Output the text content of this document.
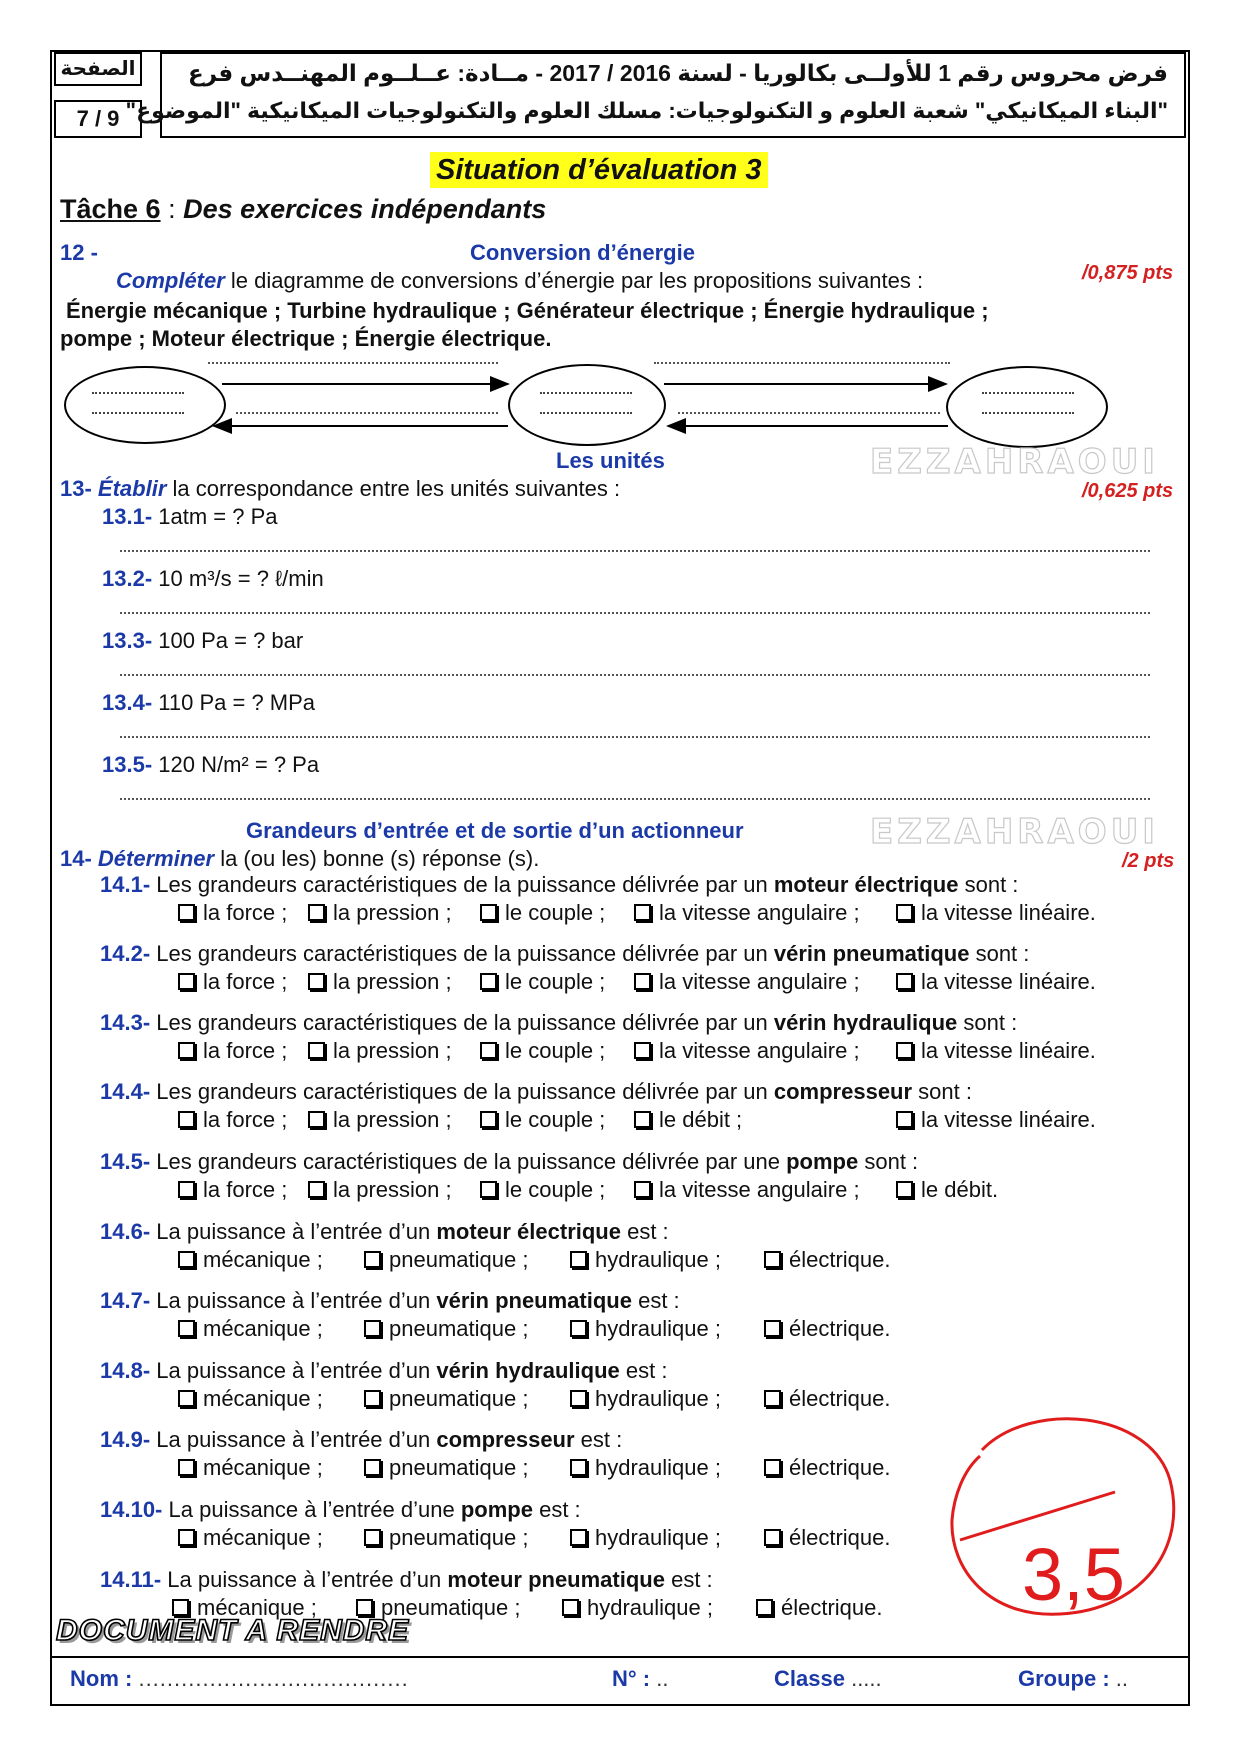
الصفحة
7 / 9
فرض محروس رقم 1 للأولــى بكالوريا - لسنة 2016 / 2017 - مــادة: عــلــوم المهنــدس فرع
"البناء الميكانيكي" شعبة العلوم و التكنولوجيات: مسلك العلوم والتكنولوجيات الميكانيكية "الموضوع"
Situation d’évaluation 3
Tâche 6 : Des exercices indépendants
12 -	Conversion d’énergie
Compléter le diagramme de conversions d’énergie par les propositions suivantes :	/0,875 pts
Énergie mécanique ; Turbine hydraulique ; Générateur électrique ; Énergie hydraulique ;
pompe ; Moteur électrique ; Énergie électrique.
Les unités	EZZAHRAOUI
13- Établir la correspondance entre les unités suivantes :	/0,625 pts
13.1- 1atm = ? Pa
13.2- 10 m³/s = ? ℓ/min
13.3- 100 Pa = ? bar
13.4- 110 Pa = ? MPa
13.5- 120 N/m² = ? Pa
Grandeurs d’entrée et de sortie d’un actionneur	EZZAHRAOUI
14- Déterminer la (ou les) bonne (s) réponse (s).	/2 pts
14.1- Les grandeurs caractéristiques de la puissance délivrée par un moteur électrique sont :
la force ;	la pression ;	le couple ;	la vitesse angulaire ;	la vitesse linéaire.
14.2- Les grandeurs caractéristiques de la puissance délivrée par un vérin pneumatique sont :
la force ;	la pression ;	le couple ;	la vitesse angulaire ;	la vitesse linéaire.
14.3- Les grandeurs caractéristiques de la puissance délivrée par un vérin hydraulique sont :
la force ;	la pression ;	le couple ;	la vitesse angulaire ;	la vitesse linéaire.
14.4- Les grandeurs caractéristiques de la puissance délivrée par un compresseur sont :
la force ;	la pression ;	le couple ;	le débit ;	la vitesse linéaire.
14.5- Les grandeurs caractéristiques de la puissance délivrée par une pompe sont :
la force ;	la pression ;	le couple ;	la vitesse angulaire ;	le débit.
14.6- La puissance à l’entrée d’un moteur électrique est :
mécanique ;	pneumatique ;	hydraulique ;	électrique.
14.7- La puissance à l’entrée d’un vérin pneumatique est :
mécanique ;	pneumatique ;	hydraulique ;	électrique.
14.8- La puissance à l’entrée d’un vérin hydraulique est :
mécanique ;	pneumatique ;	hydraulique ;	électrique.
14.9- La puissance à l’entrée d’un compresseur est :
mécanique ;	pneumatique ;	hydraulique ;	électrique.
14.10- La puissance à l’entrée d’une pompe est :
mécanique ;	pneumatique ;	hydraulique ;	électrique.
14.11- La puissance à l’entrée d’un moteur pneumatique est :
mécanique ;	pneumatique ;	hydraulique ;	électrique. 3,5
DOCUMENT A RENDRE
Nom : ......................................	N° : ..	Classe .....	Groupe : ..
